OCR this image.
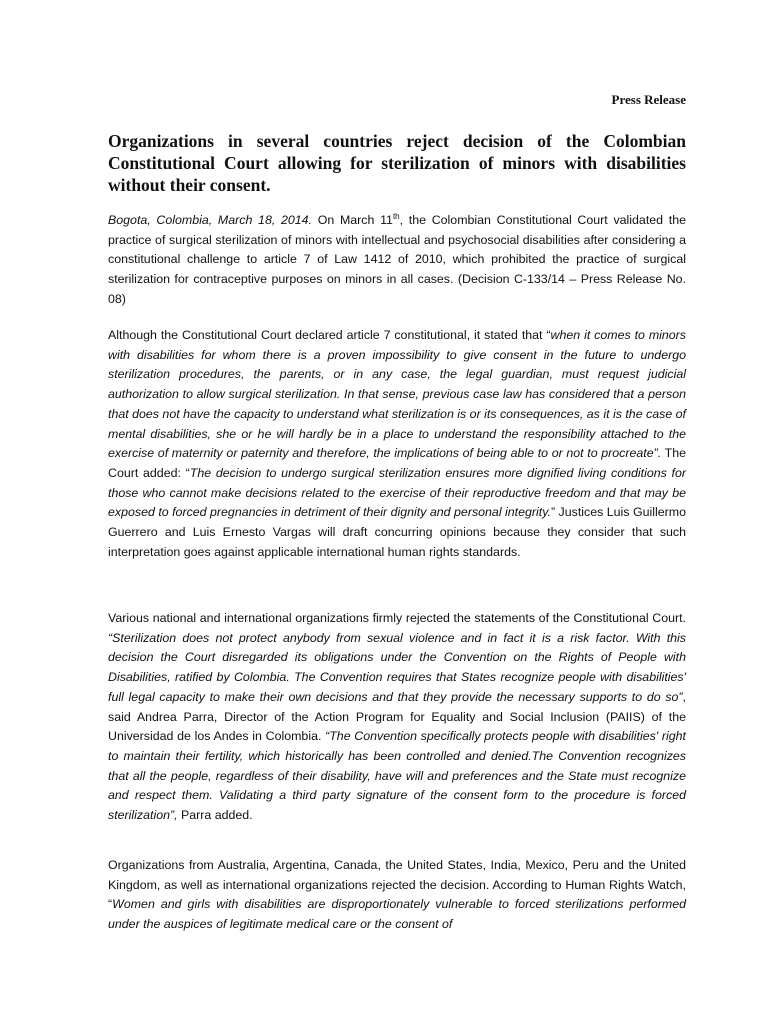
Press Release
Organizations in several countries reject decision of the Colombian Constitutional Court allowing for sterilization of minors with disabilities without their consent.

Bogota, Colombia, March 18, 2014. On March 11th, the Colombian Constitutional Court validated the practice of surgical sterilization of minors with intellectual and psychosocial disabilities after considering a constitutional challenge to article 7 of Law 1412 of 2010, which prohibited the practice of surgical sterilization for contraceptive purposes on minors in all cases. (Decision C-133/14 – Press Release No. 08)

Although the Constitutional Court declared article 7 constitutional, it stated that “when it comes to minors with disabilities for whom there is a proven impossibility to give consent in the future to undergo sterilization procedures, the parents, or in any case, the legal guardian, must request judicial authorization to allow surgical sterilization. In that sense, previous case law has considered that a person that does not have the capacity to understand what sterilization is or its consequences, as it is the case of mental disabilities, she or he will hardly be in a place to understand the responsibility attached to the exercise of maternity or paternity and therefore, the implications of being able to or not to procreate”. The Court added: “The decision to undergo surgical sterilization ensures more dignified living conditions for those who cannot make decisions related to the exercise of their reproductive freedom and that may be exposed to forced pregnancies in detriment of their dignity and personal integrity.” Justices Luis Guillermo Guerrero and Luis Ernesto Vargas will draft concurring opinions because they consider that such interpretation goes against applicable international human rights standards.

Various national and international organizations firmly rejected the statements of the Constitutional Court. “Sterilization does not protect anybody from sexual violence and in fact it is a risk factor. With this decision the Court disregarded its obligations under the Convention on the Rights of People with Disabilities, ratified by Colombia. The Convention requires that States recognize people with disabilities' full legal capacity to make their own decisions and that they provide the necessary supports to do so”, said Andrea Parra, Director of the Action Program for Equality and Social Inclusion (PAIIS) of the Universidad de los Andes in Colombia. “The Convention specifically protects people with disabilities' right to maintain their fertility, which historically has been controlled and denied.The Convention recognizes that all the people, regardless of their disability, have will and preferences and the State must recognize and respect them. Validating a third party signature of the consent form to the procedure is forced sterilization”, Parra added.

Organizations from Australia, Argentina, Canada, the United States, India, Mexico, Peru and the United Kingdom, as well as international organizations rejected the decision. According to Human Rights Watch, “Women and girls with disabilities are disproportionately vulnerable to forced sterilizations performed under the auspices of legitimate medical care or the consent of
